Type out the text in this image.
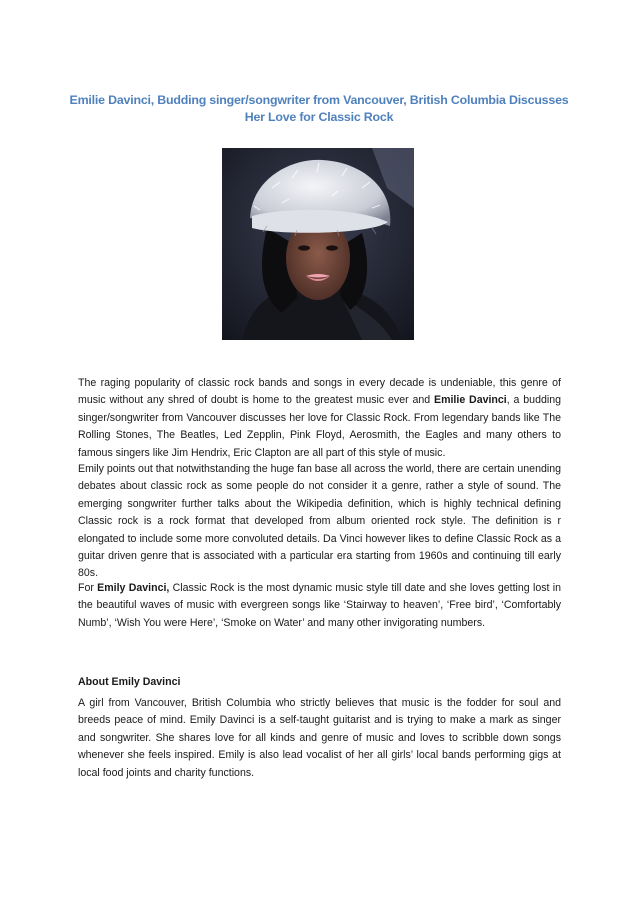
Emilie Davinci, Budding singer/songwriter from Vancouver, British Columbia Discusses
Her Love for Classic Rock

The raging popularity of classic rock bands and songs in every decade is undeniable, this genre of music without any shred of doubt is home to the greatest music ever and Emilie Davinci, a budding singer/songwriter from Vancouver discusses her love for Classic Rock. From legendary bands like The Rolling Stones, The Beatles, Led Zepplin, Pink Floyd, Aerosmith, the Eagles and many others to famous singers like Jim Hendrix, Eric Clapton are all part of this style of music.

Emily points out that notwithstanding the huge fan base all across the world, there are certain unending debates about classic rock as some people do not consider it a genre, rather a style of sound. The emerging songwriter further talks about the Wikipedia definition, which is highly technical defining Classic rock is a rock format that developed from album oriented rock style. The definition is r elongated to include some more convoluted details. Da Vinci however likes to define Classic Rock as a guitar driven genre that is associated with a particular era starting from 1960s and continuing till early 80s.

For Emily Davinci, Classic Rock is the most dynamic music style till date and she loves getting lost in the beautiful waves of music with evergreen songs like ‘Stairway to heaven’, ‘Free bird’, ‘Comfortably Numb’, ‘Wish You were Here’, ‘Smoke on Water’ and many other invigorating numbers.

About Emily Davinci

A girl from Vancouver, British Columbia who strictly believes that music is the fodder for soul and breeds peace of mind. Emily Davinci is a self-taught guitarist and is trying to make a mark as singer and songwriter. She shares love for all kinds and genre of music and loves to scribble down songs whenever she feels inspired. Emily is also lead vocalist of her all girls’ local bands performing gigs at local food joints and charity functions.
